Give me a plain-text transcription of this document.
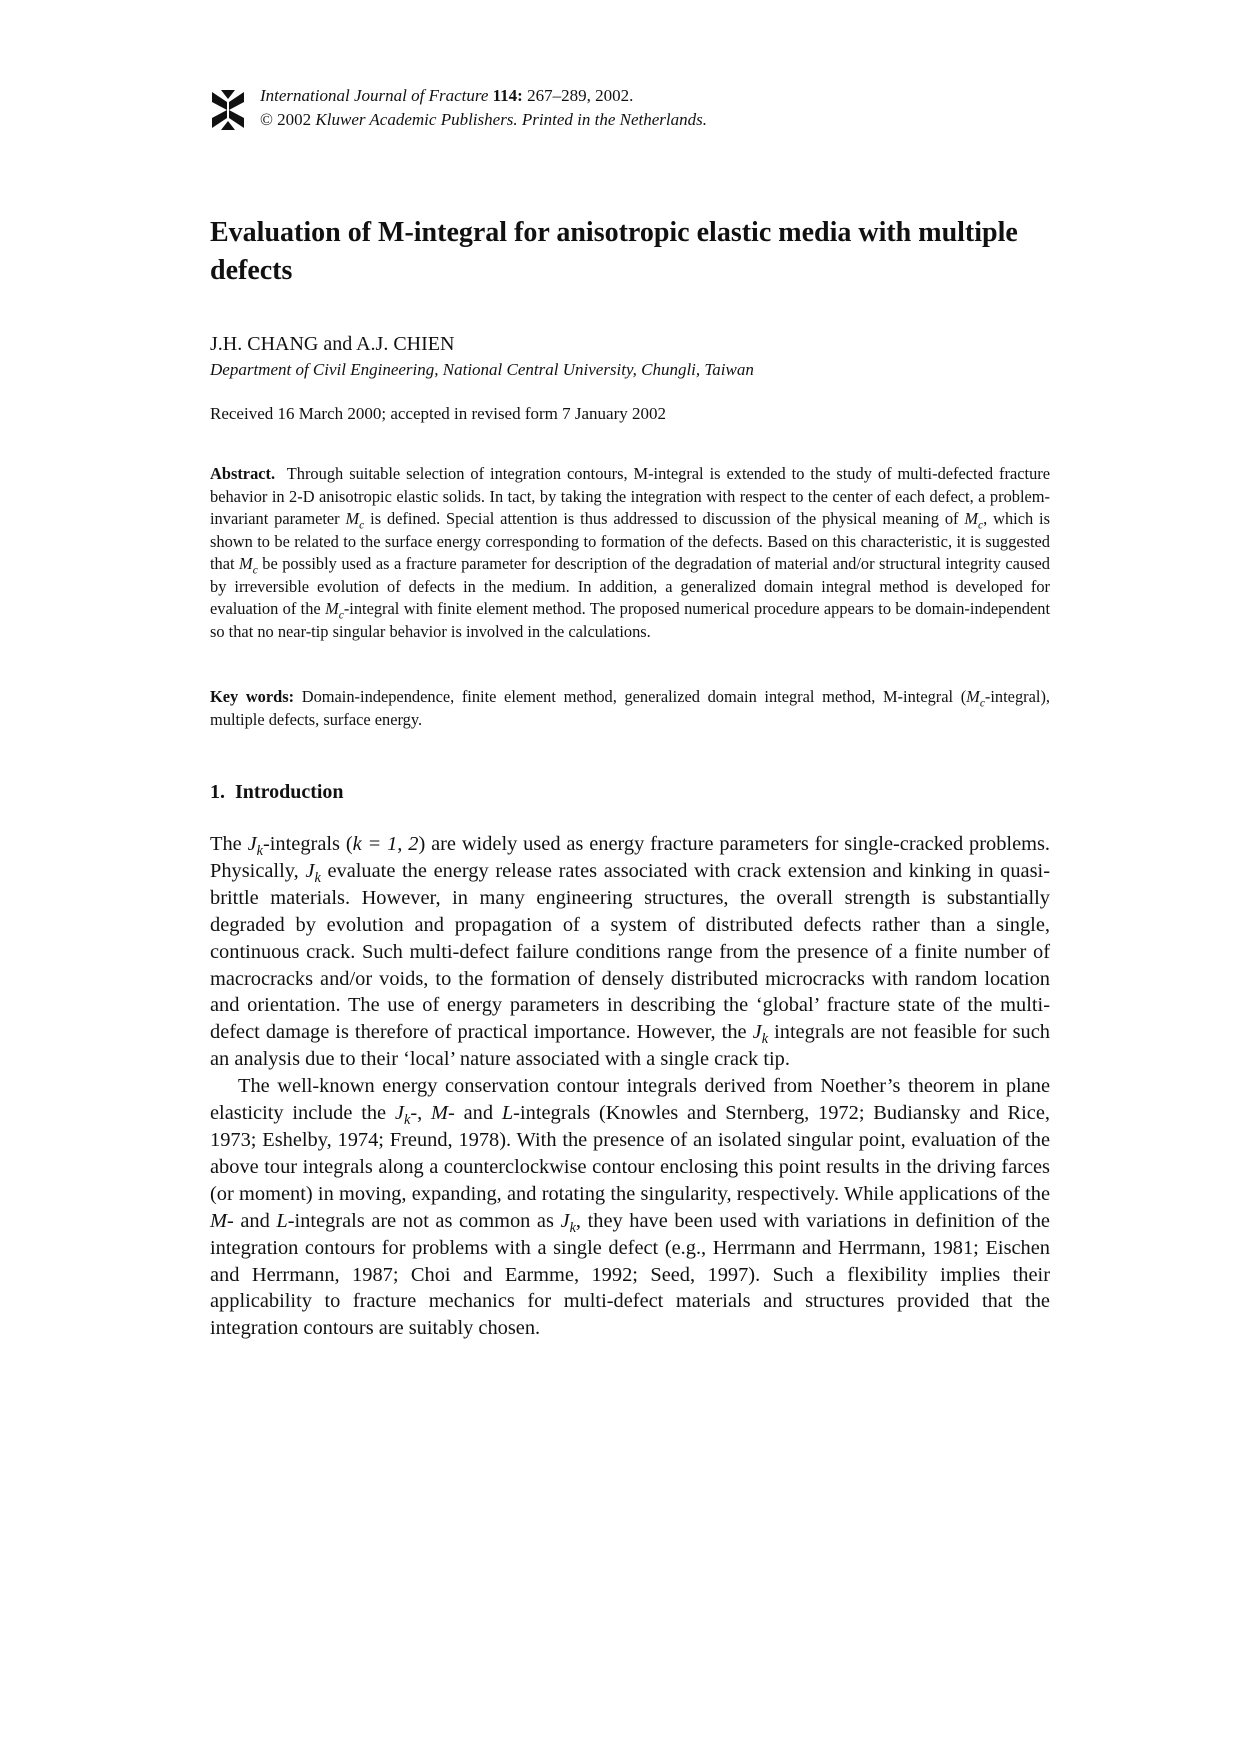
International Journal of Fracture 114: 267–289, 2002.
© 2002 Kluwer Academic Publishers. Printed in the Netherlands.
Evaluation of M-integral for anisotropic elastic media with multiple defects
J.H. CHANG and A.J. CHIEN
Department of Civil Engineering, National Central University, Chungli, Taiwan
Received 16 March 2000; accepted in revised form 7 January 2002

Abstract. Through suitable selection of integration contours, M-integral is extended to the study of multi-defected fracture behavior in 2-D anisotropic elastic solids. In tact, by taking the integration with respect to the center of each defect, a problem-invariant parameter $M_c$ is defined. Special attention is thus addressed to discussion of the physical meaning of $M_c$, which is shown to be related to the surface energy corresponding to formation of the defects. Based on this characteristic, it is suggested that $M_c$ be possibly used as a fracture parameter for description of the degradation of material and/or structural integrity caused by irreversible evolution of defects in the medium. In addition, a generalized domain integral method is developed for evaluation of the $M_c$-integral with finite element method. The proposed numerical procedure appears to be domain-independent so that no near-tip singular behavior is involved in the calculations.

Key words: Domain-independence, finite element method, generalized domain integral method, M-integral $(M_c-integral)$, multiple defects, surface energy.

1. Introduction

The $J_k$-integrals (k = 1, 2) are widely used as energy fracture parameters for single-cracked problems. Physically, $J_k$ evaluate the energy release rates associated with crack extension and kinking in quasi-brittle materials. However, in many engineering structures, the overall strength is substantially degraded by evolution and propagation of a system of distributed defects rather than a single, continuous crack. Such multi-defect failure conditions range from the presence of a finite number of macrocracks and/or voids, to the formation of densely distributed microcracks with random location and orientation. The use of energy parameters in describing the ‘global’ fracture state of the multi-defect damage is therefore of practical importance. However, the $J_k$ integrals are not feasible for such an analysis due to their ‘local’ nature associated with a single crack tip.

The well-known energy conservation contour integrals derived from Noether’s theorem in plane elasticity include the $J_k-$, M- and L-integrals (Knowles and Sternberg, 1972; Budiansky and Rice, 1973; Eshelby, 1974; Freund, 1978). With the presence of an isolated singular point, evaluation of the above tour integrals along a counterclockwise contour enclosing this point results in the driving farces (or moment) in moving, expanding, and rotating the singularity, respectively. While applications of the M- and L-integrals are not as common as $J_k$, they have been used with variations in definition of the integration contours for problems with a single defect (e.g., Herrmann and Herrmann, 1981; Eischen and Herrmann, 1987; Choi and Earmme, 1992; Seed, 1997). Such a flexibility implies their applicability to fracture mechanics for multi-defect materials and structures provided that the integration contours are suitably chosen.
